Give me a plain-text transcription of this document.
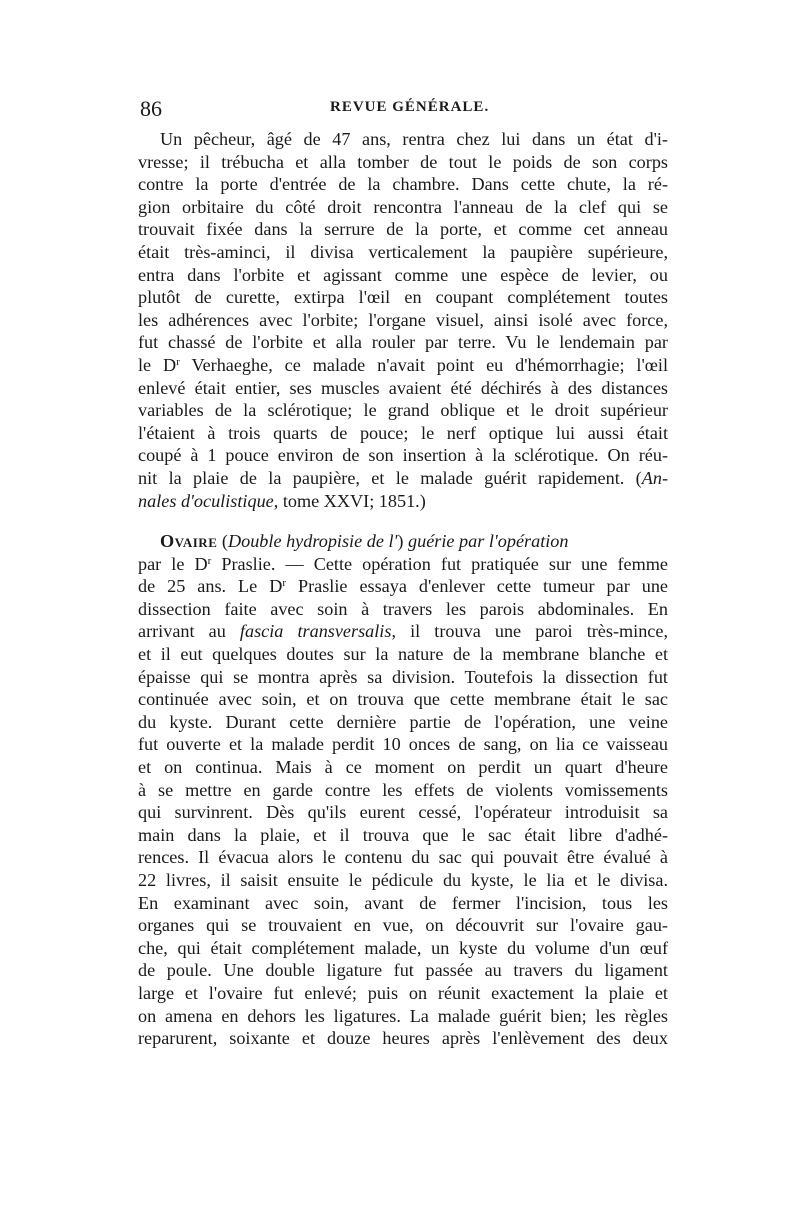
86	REVUE GÉNÉRALE.
Un pêcheur, âgé de 47 ans, rentra chez lui dans un état d'i-
vresse; il trébucha et alla tomber de tout le poids de son corps
contre la porte d'entrée de la chambre. Dans cette chute, la ré-
gion orbitaire du côté droit rencontra l'anneau de la clef qui se
trouvait fixée dans la serrure de la porte, et comme cet anneau
était très-aminci, il divisa verticalement la paupière supérieure,
entra dans l'orbite et agissant comme une espèce de levier, ou
plutôt de curette, extirpa l'œil en coupant complétement toutes
les adhérences avec l'orbite; l'organe visuel, ainsi isolé avec force,
fut chassé de l'orbite et alla rouler par terre. Vu le lendemain par
le $D^r$ Verhaeghe, ce malade n'avait point eu d'hémorrhagie; l'œil
enlevé était entier, ses muscles avaient été déchirés à des distances
variables de la sclérotique; le grand oblique et le droit supérieur
l'étaient à trois quarts de pouce; le nerf optique lui aussi était
coupé à 1 pouce environ de son insertion à la sclérotique. On réu-
nit la plaie de la paupière, et le malade guérit rapidement. (An-
nales d'oculistique, tome XXVI; 1851.)
Ovaire (Double hydropisie de l') guérie par l'opération
par le $D^r$ Praslie. — Cette opération fut pratiquée sur une femme
de 25 ans. Le $D^r$ Praslie essaya d'enlever cette tumeur par une
dissection faite avec soin à travers les parois abdominales. En
arrivant au fascia transversalis, il trouva une paroi très-mince,
et il eut quelques doutes sur la nature de la membrane blanche et
épaisse qui se montra après sa division. Toutefois la dissection fut
continuée avec soin, et on trouva que cette membrane était le sac
du kyste. Durant cette dernière partie de l'opération, une veine
fut ouverte et la malade perdit 10 onces de sang, on lia ce vaisseau
et on continua. Mais à ce moment on perdit un quart d'heure
à se mettre en garde contre les effets de violents vomissements
qui survinrent. Dès qu'ils eurent cessé, l'opérateur introduisit sa
main dans la plaie, et il trouva que le sac était libre d'adhé-
rences. Il évacua alors le contenu du sac qui pouvait être évalué à
22 livres, il saisit ensuite le pédicule du kyste, le lia et le divisa.
En examinant avec soin, avant de fermer l'incision, tous les
organes qui se trouvaient en vue, on découvrit sur l'ovaire gau-
che, qui était complétement malade, un kyste du volume d'un œuf
de poule. Une double ligature fut passée au travers du ligament
large et l'ovaire fut enlevé; puis on réunit exactement la plaie et
on amena en dehors les ligatures. La malade guérit bien; les règles
reparurent, soixante et douze heures après l'enlèvement des deux
